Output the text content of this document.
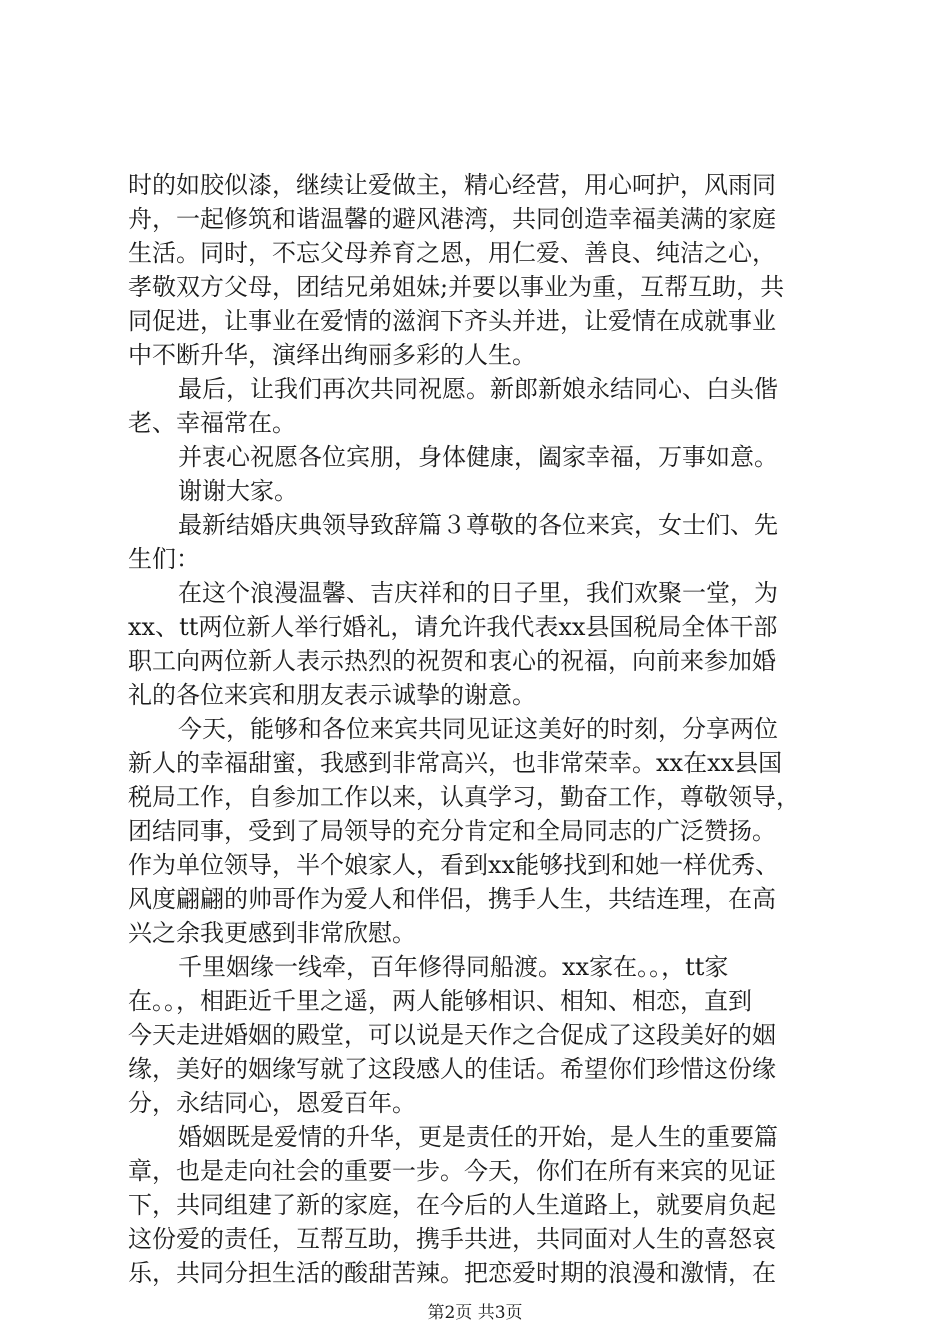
时的如胶似漆，继续让爱做主，精心经营，用心呵护，风雨同
舟，一起修筑和谐温馨的避风港湾，共同创造幸福美满的家庭
生活。同时，不忘父母养育之恩，用仁爱、善良、纯洁之心，
孝敬双方父母，团结兄弟姐妹;并要以事业为重，互帮互助，共
同促进，让事业在爱情的滋润下齐头并进，让爱情在成就事业
中不断升华，演绎出绚丽多彩的人生。
最后，让我们再次共同祝愿。新郎新娘永结同心、白头偕
老、幸福常在。
并衷心祝愿各位宾朋，身体健康，阖家幸福，万事如意。
谢谢大家。
最新结婚庆典领导致辞篇３尊敬的各位来宾，女士们、先
生们：
在这个浪漫温馨、吉庆祥和的日子里，我们欢聚一堂，为
xx、tt两位新人举行婚礼，请允许我代表xx县国税局全体干部
职工向两位新人表示热烈的祝贺和衷心的祝福，向前来参加婚
礼的各位来宾和朋友表示诚挚的谢意。
今天，能够和各位来宾共同见证这美好的时刻，分享两位
新人的幸福甜蜜，我感到非常高兴，也非常荣幸。xx在xx县国
税局工作，自参加工作以来，认真学习，勤奋工作，尊敬领导，
团结同事，受到了局领导的充分肯定和全局同志的广泛赞扬。
作为单位领导，半个娘家人，看到xx能够找到和她一样优秀、
风度翩翩的帅哥作为爱人和伴侣，携手人生，共结连理，在高
兴之余我更感到非常欣慰。
千里姻缘一线牵，百年修得同船渡。xx家在。。，tt家
在。。，相距近千里之遥，两人能够相识、相知、相恋，直到
今天走进婚姻的殿堂，可以说是天作之合促成了这段美好的姻
缘，美好的姻缘写就了这段感人的佳话。希望你们珍惜这份缘
分，永结同心，恩爱百年。
婚姻既是爱情的升华，更是责任的开始，是人生的重要篇
章，也是走向社会的重要一步。今天，你们在所有来宾的见证
下，共同组建了新的家庭，在今后的人生道路上，就要肩负起
这份爱的责任，互帮互助，携手共进，共同面对人生的喜怒哀
乐，共同分担生活的酸甜苦辣。把恋爱时期的浪漫和激情，在
第2页 共3页
